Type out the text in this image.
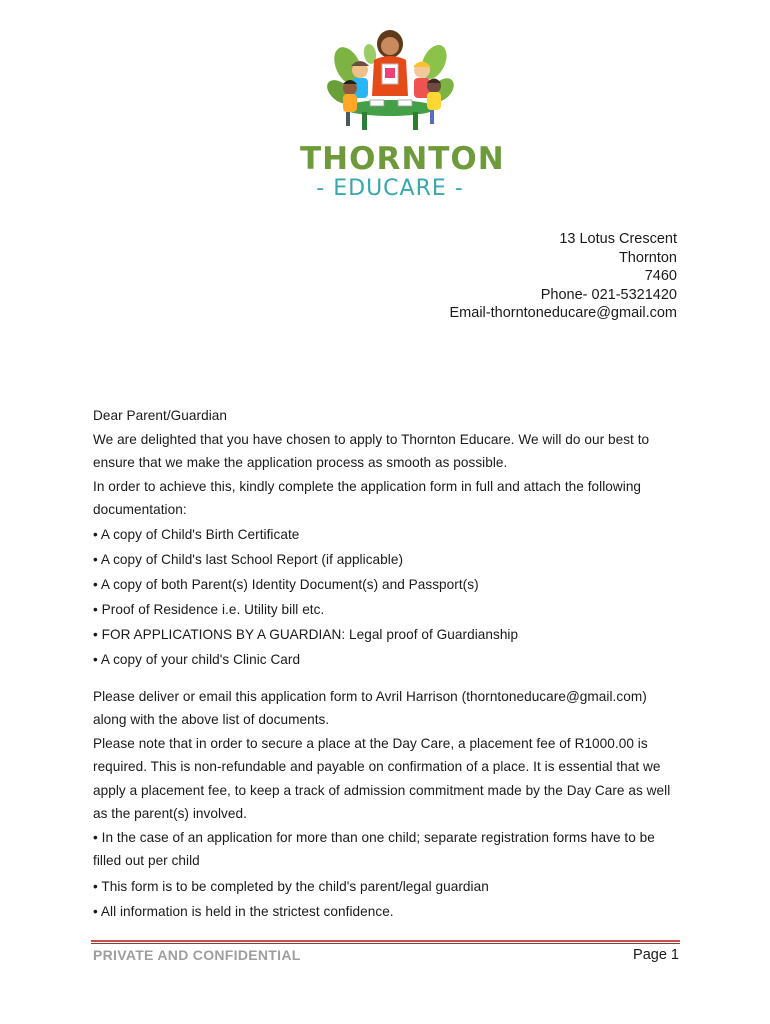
THORNTON
- EDUCARE -
13 Lotus Crescent
Thornton
7460
Phone- 021-5321420
Email-thorntoneducare@gmail.com

Dear Parent/Guardian

We are delighted that you have chosen to apply to Thornton Educare. We will do our best to ensure that we make the application process as smooth as possible.

In order to achieve this, kindly complete the application form in full and attach the following documentation:

• A copy of Child's Birth Certificate

• A copy of Child's last School Report (if applicable)

• A copy of both Parent(s) Identity Document(s) and Passport(s)

• Proof of Residence i.e. Utility bill etc.

• FOR APPLICATIONS BY A GUARDIAN: Legal proof of Guardianship

• A copy of your child's Clinic Card

Please deliver or email this application form to Avril Harrison (thorntoneducare@gmail.com) along with the above list of documents.

Please note that in order to secure a place at the Day Care, a placement fee of R1000.00 is required. This is non-refundable and payable on confirmation of a place. It is essential that we apply a placement fee, to keep a track of admission commitment made by the Day Care as well as the parent(s) involved.

• In the case of an application for more than one child; separate registration forms have to be filled out per child

• This form is to be completed by the child's parent/legal guardian

• All information is held in the strictest confidence.

PRIVATE AND CONFIDENTIAL	Page 1
